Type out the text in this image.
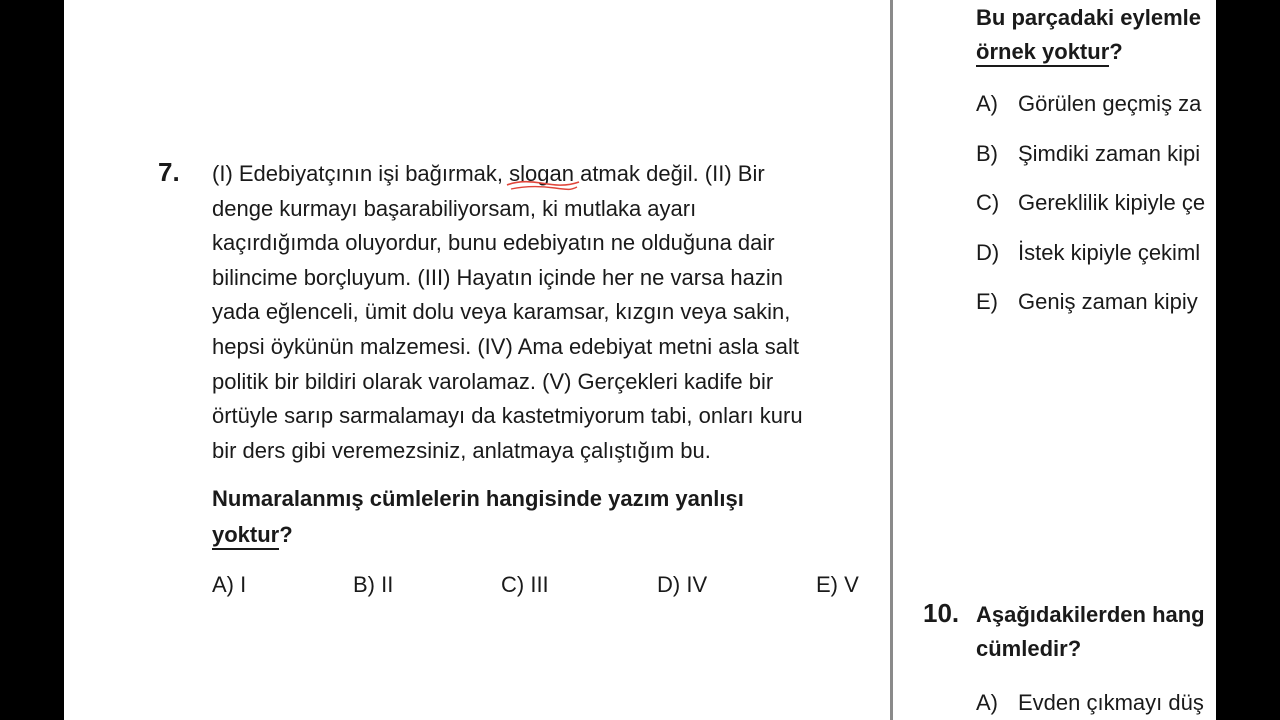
7. (I) Edebiyatçının işi bağırmak, slogan
atmak değil. (II) Bir
denge kurmayı başarabiliyorsam, ki mutlaka ayarı
kaçırdığımda oluyordur, bunu edebiyatın ne olduğuna dair
bilincime borçluyum. (III) Hayatın içinde her ne varsa hazin
yada eğlenceli, ümit dolu veya karamsar, kızgın veya sakin,
hepsi öykünün malzemesi. (IV) Ama edebiyat metni asla salt
politik bir bildiri olarak varolamaz. (V) Gerçekleri kadife bir
örtüyle sarıp sarmalamayı da kastetmiyorum tabi, onları kuru
bir ders gibi veremezsiniz, anlatmaya çalıştığım bu.
Numaralanmış cümlelerin hangisinde yazım yanlışı
yoktur?
A) I	B) II	C) III	D) IV	E) V
Bu parçadaki eylemle
örnek yoktur?
A) Görülen geçmiş za
B) Şimdiki zaman kipi
C) Gereklilik kipiyle çe
D) İstek kipiyle çekiml
E) Geniş zaman kipiy
10. Aşağıdakilerden hang
cümledir?
A) Evden çıkmayı düş
